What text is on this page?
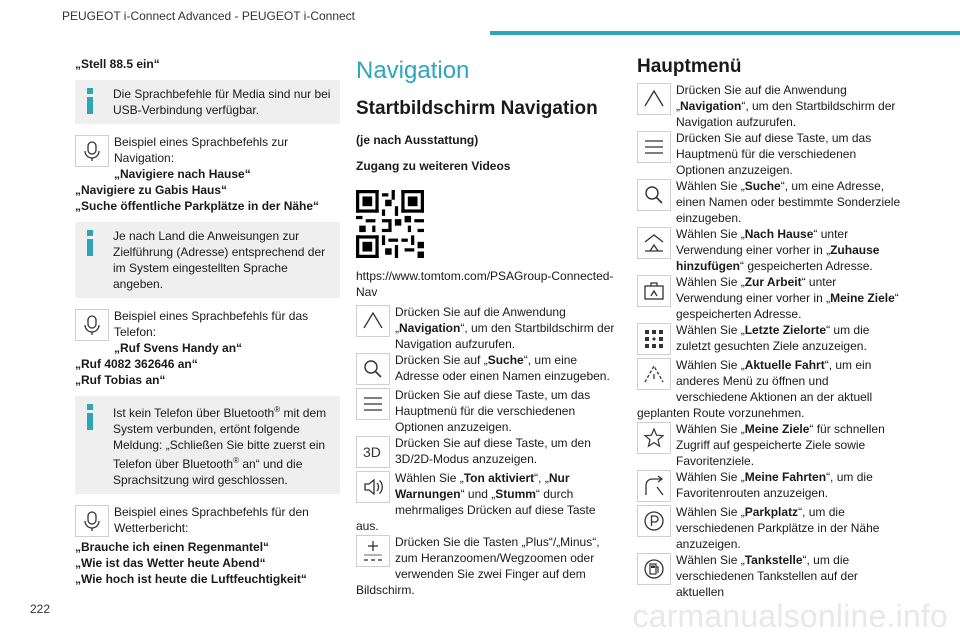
PEUGEOT i-Connect Advanced - PEUGEOT i-Connect
„Stell 88.5 ein“
Die Sprachbefehle für Media sind nur bei USB-Verbindung verfügbar.
Beispiel eines Sprachbefehls zur Navigation:
„Navigiere nach Hause“
„Navigiere zu Gabis Haus“
„Suche öffentliche Parkplätze in der Nähe“
Je nach Land die Anweisungen zur Zielführung (Adresse) entsprechend der im System eingestellten Sprache angeben.
Beispiel eines Sprachbefehls für das Telefon:
„Ruf Svens Handy an“
„Ruf 4082 362646 an“
„Ruf Tobias an“
Ist kein Telefon über Bluetooth® mit dem System verbunden, ertönt folgende Meldung: „Schließen Sie bitte zuerst ein Telefon über Bluetooth® an“ und die Sprachsitzung wird geschlossen.
Beispiel eines Sprachbefehls für den Wetterbericht:
„Brauche ich einen Regenmantel“
„Wie ist das Wetter heute Abend“
„Wie hoch ist heute die Luftfeuchtigkeit“
Navigation
Startbildschirm Navigation
(je nach Ausstattung)
Zugang zu weiteren Videos
https://www.tomtom.com/PSAGroup-Connected-Nav
Drücken Sie auf die Anwendung „Navigation“, um den Startbildschirm der Navigation aufzurufen.
Drücken Sie auf „Suche“, um eine Adresse oder einen Namen einzugeben.
Drücken Sie auf diese Taste, um das Hauptmenü für die verschiedenen Optionen anzuzeigen.
3D
Drücken Sie auf diese Taste, um den 3D/2D-Modus anzuzeigen.
Wählen Sie „Ton aktiviert“, „Nur Warnungen“ und „Stumm“ durch mehrmaliges Drücken auf diese Taste aus.
Drücken Sie die Tasten „Plus“/„Minus“, zum Heranzoomen/Wegzoomen oder verwenden Sie zwei Finger auf dem Bildschirm.
Hauptmenü
Drücken Sie auf die Anwendung „Navigation“, um den Startbildschirm der Navigation aufzurufen.
Drücken Sie auf diese Taste, um das Hauptmenü für die verschiedenen Optionen anzuzeigen.
Wählen Sie „Suche“, um eine Adresse, einen Namen oder bestimmte Sonderziele einzugeben.
Wählen Sie „Nach Hause“ unter Verwendung einer vorher in „Zuhause hinzufügen“ gespeicherten Adresse.
Wählen Sie „Zur Arbeit“ unter Verwendung einer vorher in „Meine Ziele“ gespeicherten Adresse.
Wählen Sie „Letzte Zielorte“ um die zuletzt gesuchten Ziele anzuzeigen.
Wählen Sie „Aktuelle Fahrt“, um ein anderes Menü zu öffnen und verschiedene Aktionen an der aktuell geplanten Route vorzunehmen.
Wählen Sie „Meine Ziele“ für schnellen Zugriff auf gespeicherte Ziele sowie Favoritenziele.
Wählen Sie „Meine Fahrten“, um die Favoritenrouten anzuzeigen.
Wählen Sie „Parkplatz“, um die verschiedenen Parkplätze in der Nähe anzuzeigen.
Wählen Sie „Tankstelle“, um die verschiedenen Tankstellen auf der aktuellen
222	carmanualsonline.info
